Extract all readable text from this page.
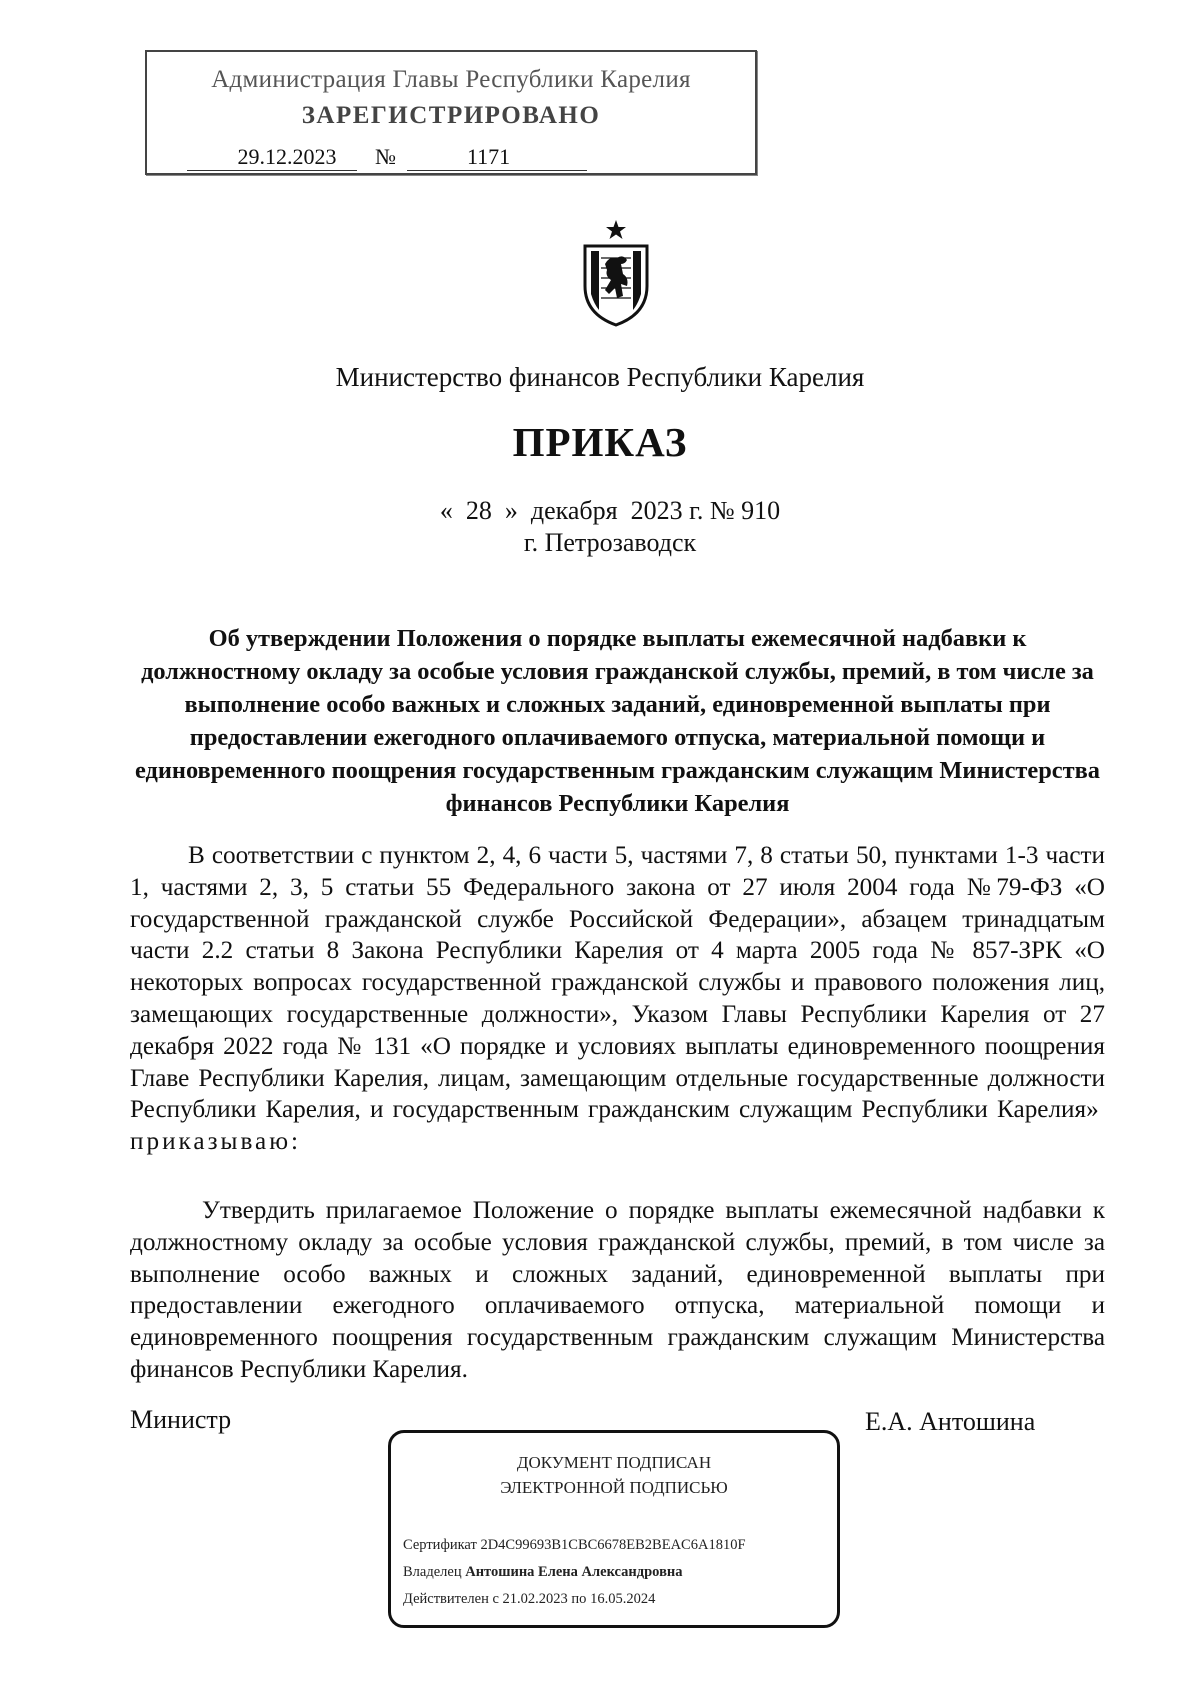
Администрация Главы Республики Карелия
ЗАРЕГИСТРИРОВАНО
29.12.2023	№	1171
Министерство финансов Республики Карелия
ПРИКАЗ
« 28 » декабря 2023 г. № 910
г. Петрозаводск
Об утверждении Положения о порядке выплаты ежемесячной надбавки к должностному окладу за особые условия гражданской службы, премий, в том числе за выполнение особо важных и сложных заданий, единовременной выплаты при предоставлении ежегодного оплачиваемого отпуска, материальной помощи и единовременного поощрения государственным гражданским служащим Министерства финансов Республики Карелия
В соответствии с пунктом 2, 4, 6 части 5, частями 7, 8 статьи 50, пунктами 1-3 части 1, частями 2, 3, 5 статьи 55 Федерального закона от 27 июля 2004 года №79-ФЗ «О государственной гражданской службе Российской Федерации», абзацем тринадцатым части 2.2 статьи 8 Закона Республики Карелия от 4 марта 2005 года № 857-ЗРК «О некоторых вопросах государственной гражданской службы и правового положения лиц, замещающих государственные должности», Указом Главы Республики Карелия от 27 декабря 2022 года № 131 «О порядке и условиях выплаты единовременного поощрения Главе Республики Карелия, лицам, замещающим отдельные государственные должности Республики Карелия, и государственным гражданским служащим Республики Карелия»  приказываю:
Утвердить прилагаемое Положение о порядке выплаты ежемесячной надбавки к должностному окладу за особые условия гражданской службы, премий, в том числе за выполнение особо важных и сложных заданий, единовременной выплаты при предоставлении ежегодного оплачиваемого отпуска, материальной помощи и единовременного поощрения государственным гражданским служащим Министерства финансов Республики Карелия.
Министр	Е.А. Антошина
ДОКУМЕНТ ПОДПИСАН
ЭЛЕКТРОННОЙ ПОДПИСЬЮ
Сертификат 2D4C99693B1CBC6678EB2BEAC6A1810F
Владелец Антошина Елена Александровна
Действителен с 21.02.2023 по 16.05.2024
